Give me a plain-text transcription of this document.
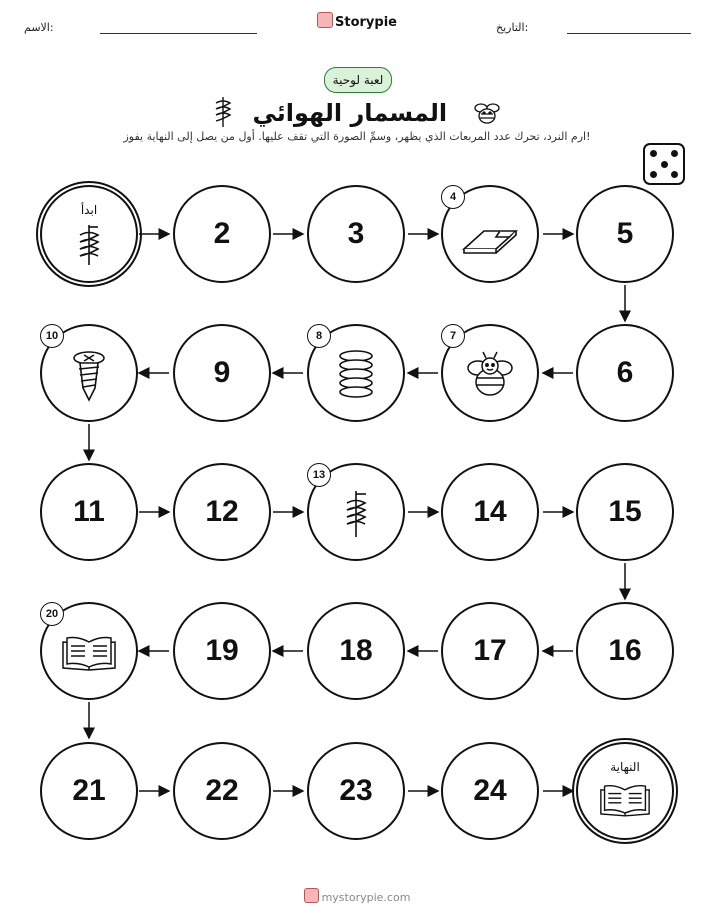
الاسم:	التاريخ:
Storypie
لعبة لوحية
المسمار الهوائي
ارم النرد، تحرك عدد المربعات الذي يظهر، وسمِّ الصورة التي تقف عليها. أول من يصل إلى النهاية يفوز!
ابدأ
2	3
4
5
10
9
8	7
6
11	12
13
14	15
20
19	18	17	16
21	22	23	24
النهاية
mystorypie.com
